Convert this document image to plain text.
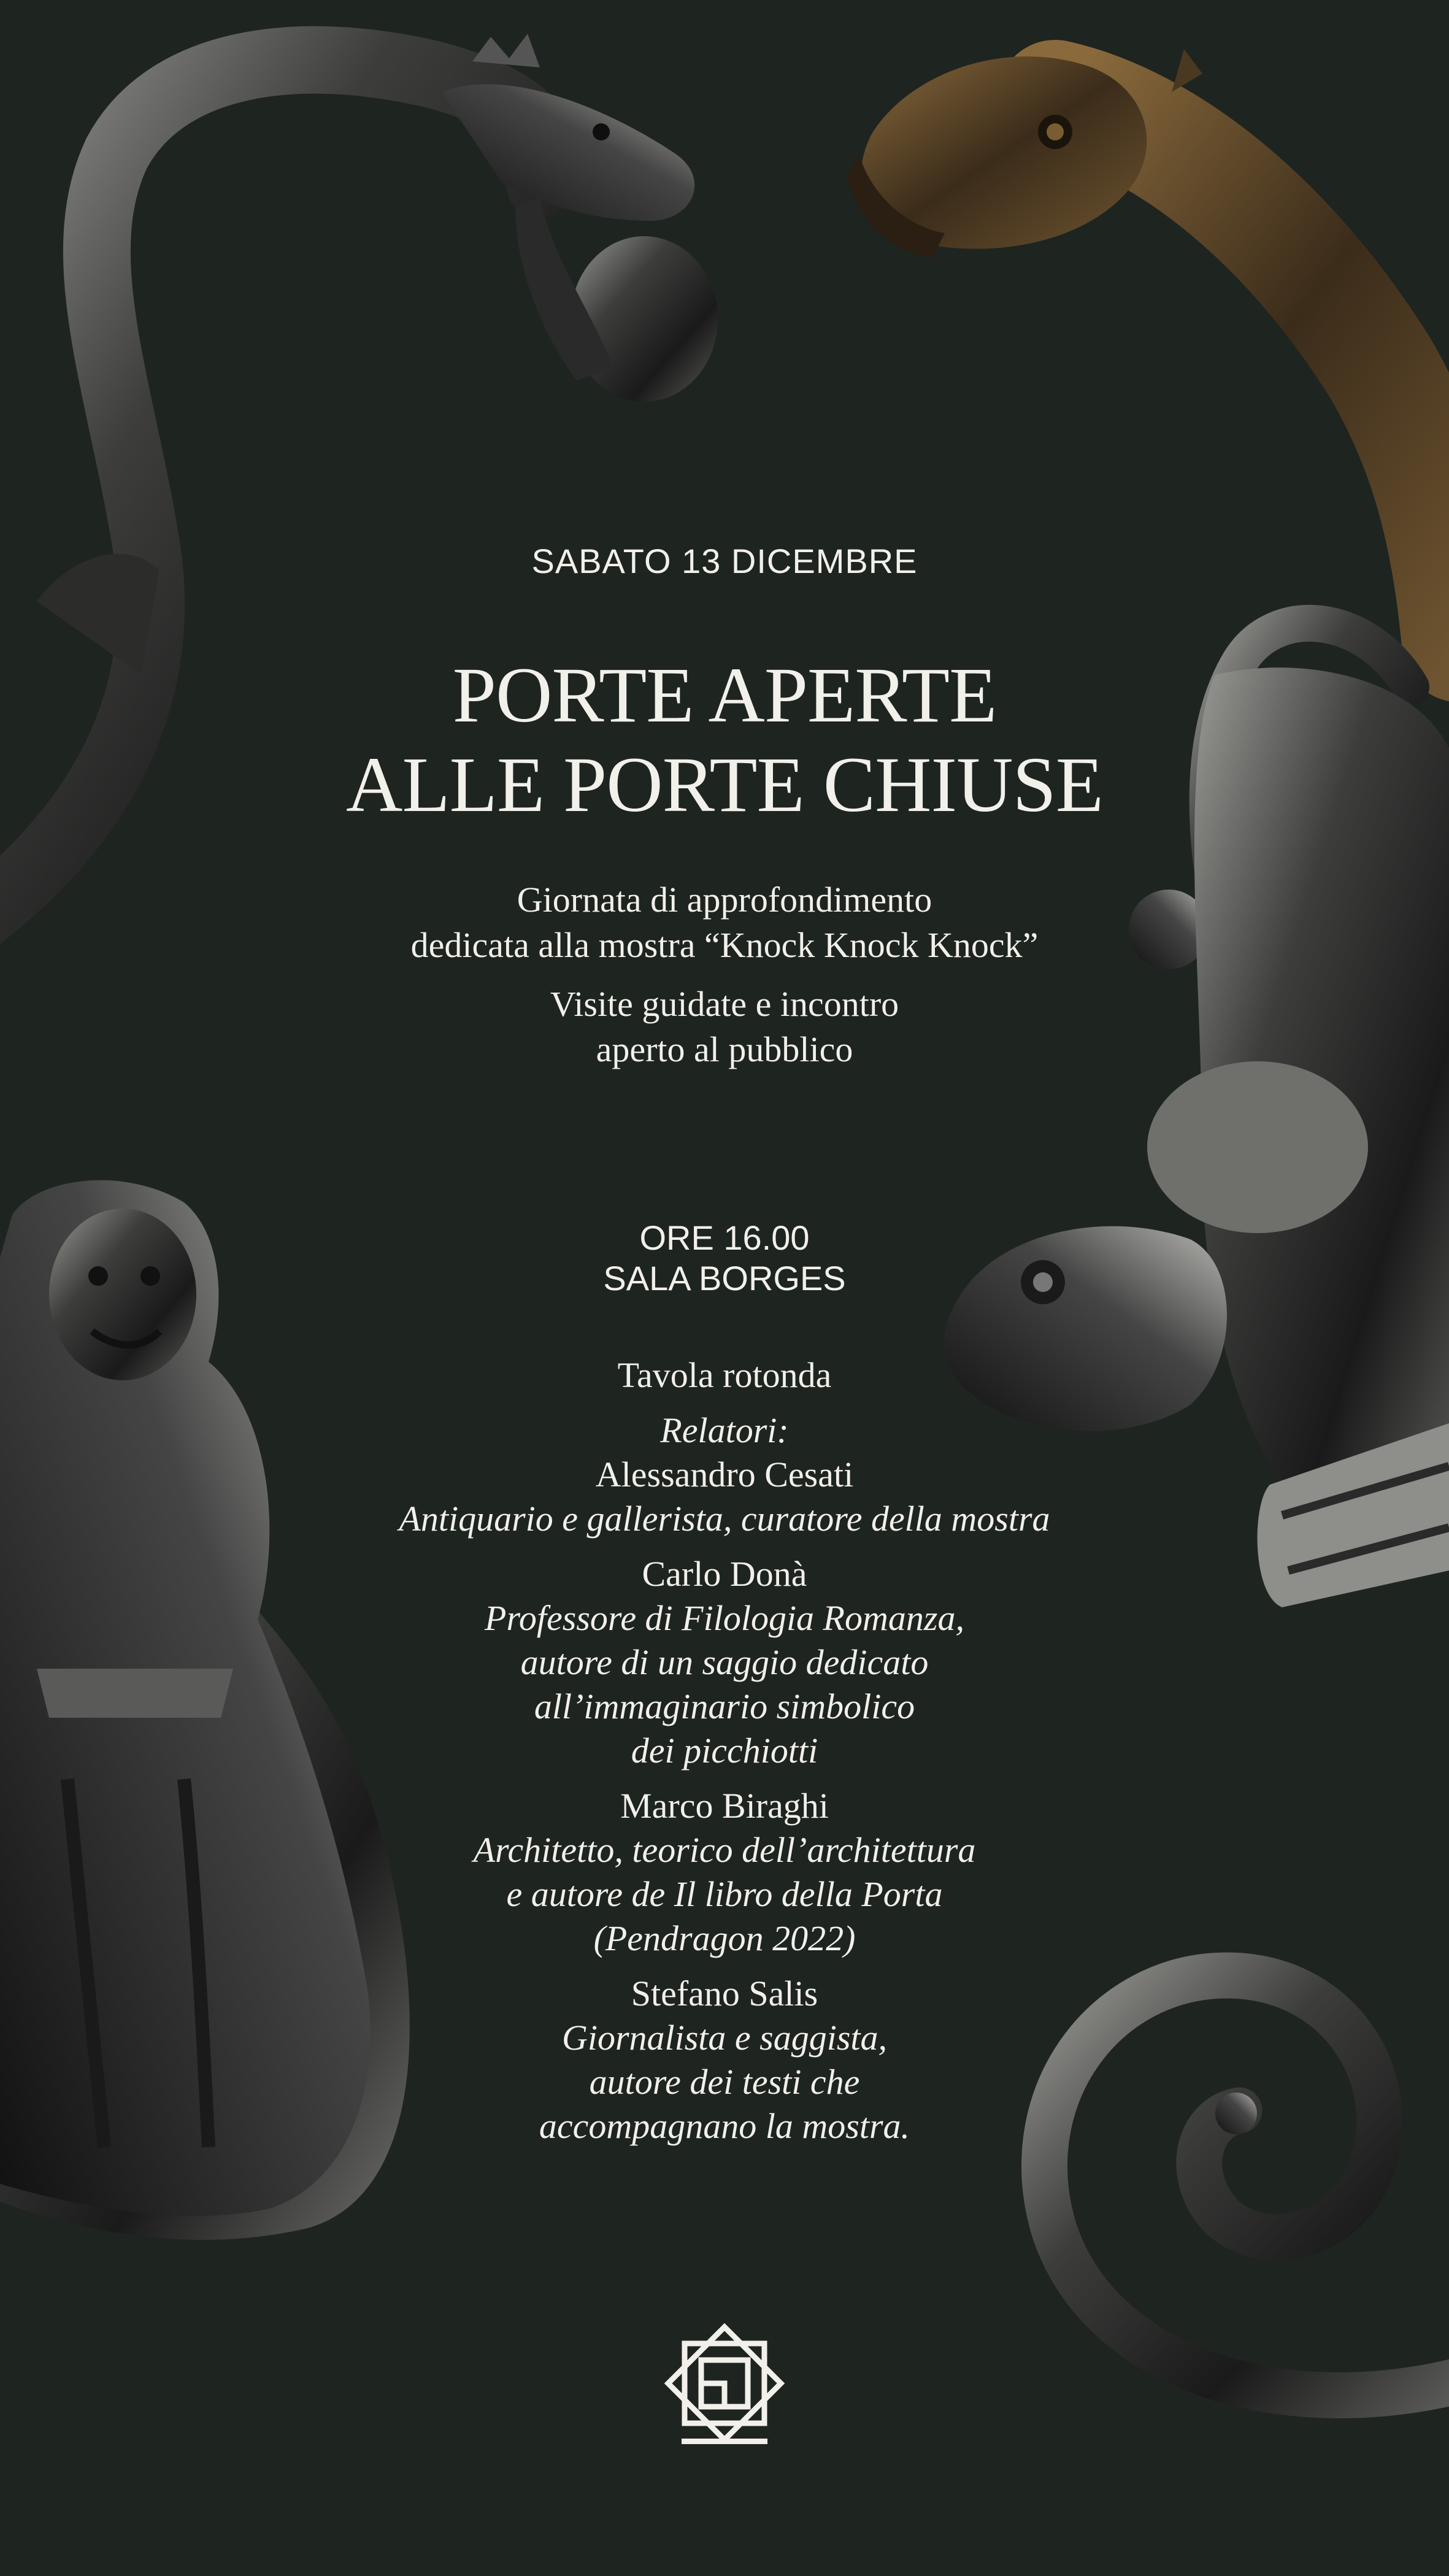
SABATO 13 DICEMBRE
PORTE APERTE
ALLE PORTE CHIUSE
Giornata di approfondimento
dedicata alla mostra “Knock Knock Knock”
Visite guidate e incontro
aperto al pubblico
ORE 16.00
SALA BORGES
Tavola rotonda
Relatori:
Alessandro Cesati
Antiquario e gallerista, curatore della mostra
Carlo Donà
Professore di Filologia Romanza,
autore di un saggio dedicato
all’immaginario simbolico
dei picchiotti
Marco Biraghi
Architetto, teorico dell’architettura
e autore de Il libro della Porta
(Pendragon 2022)
Stefano Salis
Giornalista e saggista,
autore dei testi che
accompagnano la mostra.
